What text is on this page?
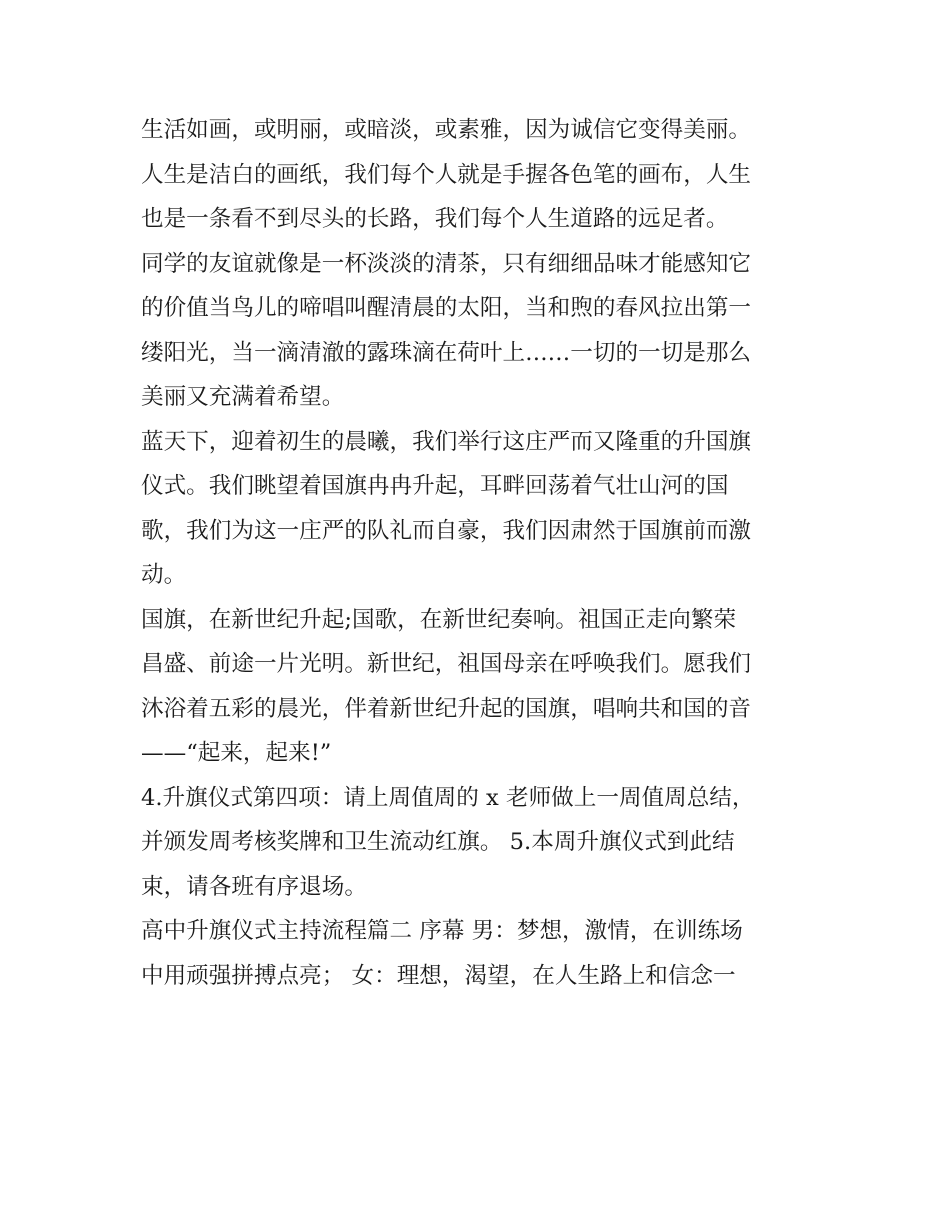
生活如画，或明丽，或暗淡，或素雅，因为诚信它变得美丽。
人生是洁白的画纸，我们每个人就是手握各色笔的画布，人生
也是一条看不到尽头的长路，我们每个人生道路的远足者。
同学的友谊就像是一杯淡淡的清茶，只有细细品味才能感知它
的价值当鸟儿的啼唱叫醒清晨的太阳，当和煦的春风拉出第一
缕阳光，当一滴清澈的露珠滴在荷叶上……一切的一切是那么
美丽又充满着希望。
蓝天下，迎着初生的晨曦，我们举行这庄严而又隆重的升国旗
仪式。我们眺望着国旗冉冉升起，耳畔回荡着气壮山河的国
歌，我们为这一庄严的队礼而自豪，我们因肃然于国旗前而激
动。
国旗，在新世纪升起;国歌，在新世纪奏响。祖国正走向繁荣
昌盛、前途一片光明。新世纪，祖国母亲在呼唤我们。愿我们
沐浴着五彩的晨光，伴着新世纪升起的国旗，唱响共和国的音
——“起来，起来!”
4.升旗仪式第四项：请上周值周的 x 老师做上一周值周总结，
并颁发周考核奖牌和卫生流动红旗。 5.本周升旗仪式到此结
束，请各班有序退场。
高中升旗仪式主持流程篇二 序幕 男：梦想，激情，在训练场
中用顽强拼搏点亮； 女：理想，渴望，在人生路上和信念一
